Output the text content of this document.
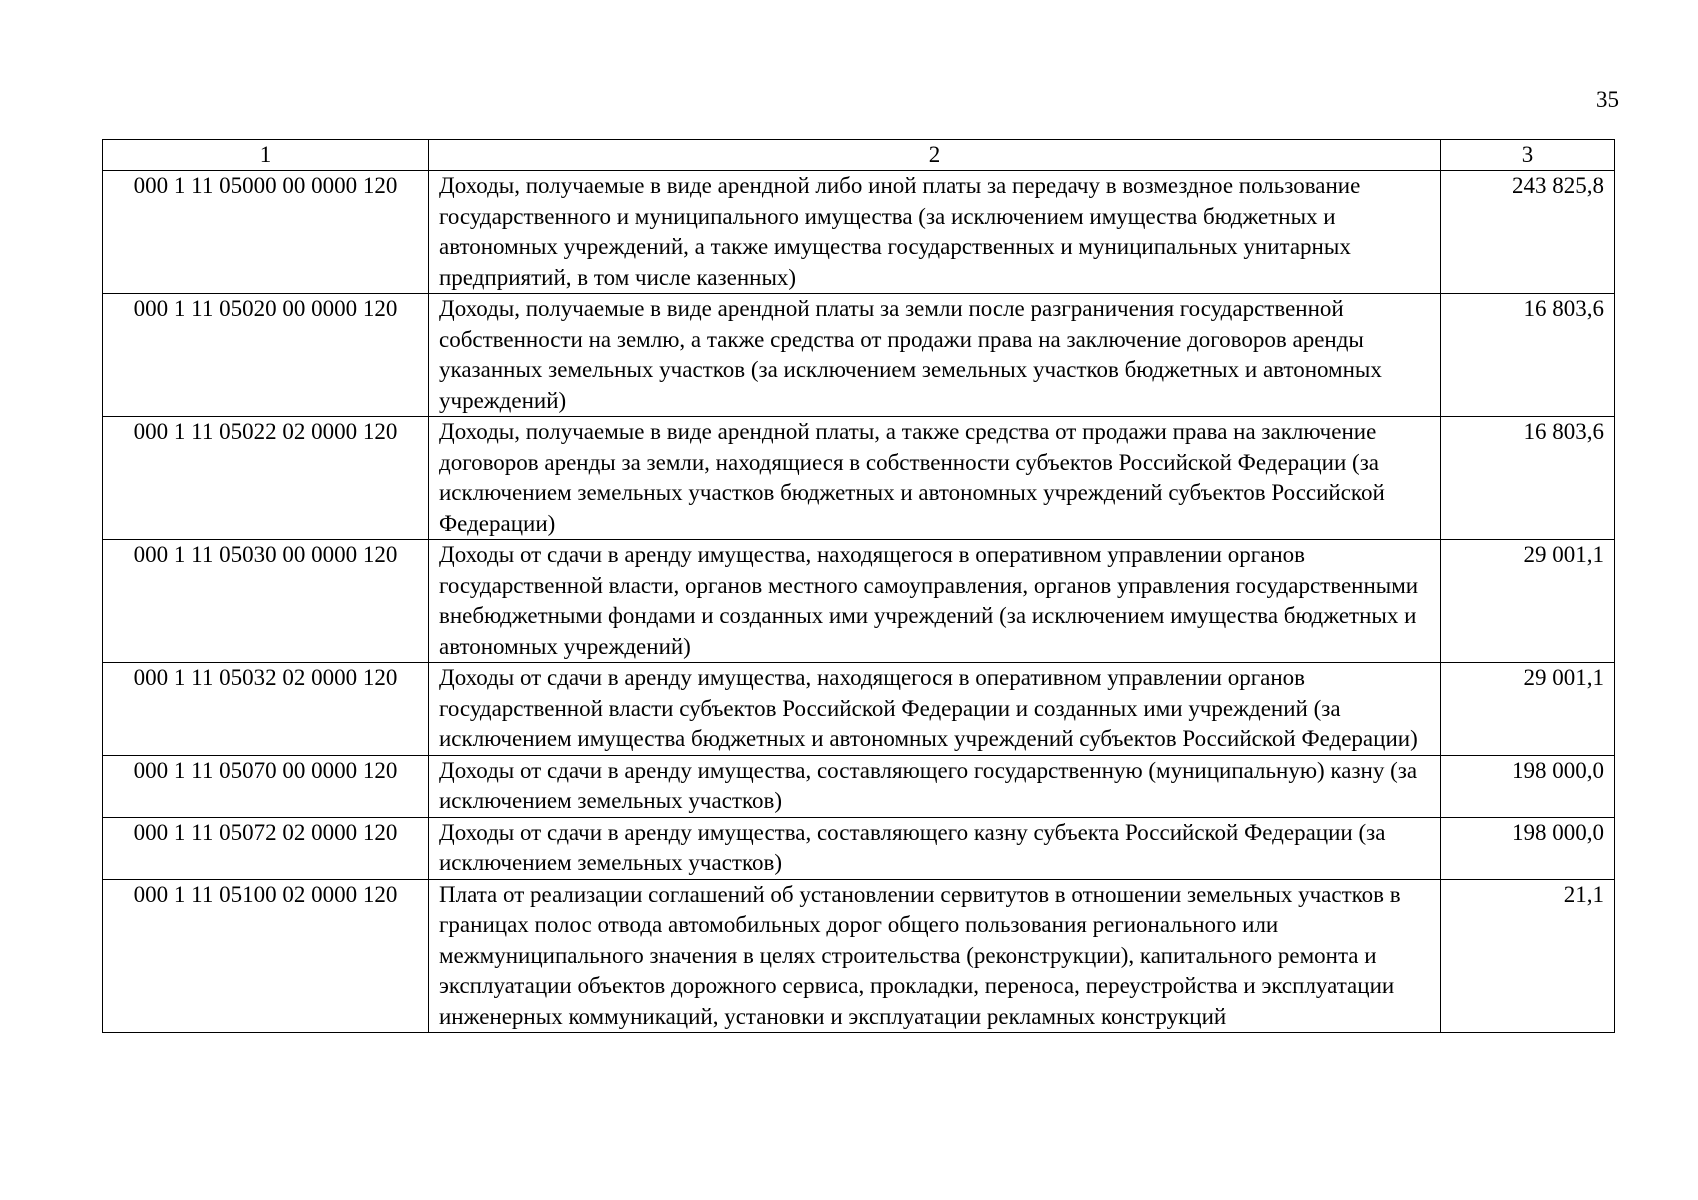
35
1	2	3
000 1 11 05000 00 0000 120	Доходы, получаемые в виде арендной либо иной платы за передачу в возмездное пользование государственного и муниципального имущества (за исключением имущества бюджетных и автономных учреждений, а также имущества государственных и муниципальных унитарных предприятий, в том числе казенных)	243 825,8
000 1 11 05020 00 0000 120	Доходы, получаемые в виде арендной платы за земли после разграничения государственной собственности на землю, а также средства от продажи права на заключение договоров аренды указанных земельных участков (за исключением земельных участков бюджетных и автономных учреждений)	16 803,6
000 1 11 05022 02 0000 120	Доходы, получаемые в виде арендной платы, а также средства от продажи права на заключение договоров аренды за земли, находящиеся в собственности субъектов Российской Федерации (за исключением земельных участков бюджетных и автономных учреждений субъектов Российской Федерации)	16 803,6
000 1 11 05030 00 0000 120	Доходы от сдачи в аренду имущества, находящегося в оперативном управлении органов государственной власти, органов местного самоуправления, органов управления государственными внебюджетными фондами и созданных ими учреждений (за исключением имущества бюджетных и автономных учреждений)	29 001,1
000 1 11 05032 02 0000 120	Доходы от сдачи в аренду имущества, находящегося в оперативном управлении органов государственной власти субъектов Российской Федерации и созданных ими учреждений (за исключением имущества бюджетных и автономных учреждений субъектов Российской Федерации)	29 001,1
000 1 11 05070 00 0000 120	Доходы от сдачи в аренду имущества, составляющего государственную (муниципальную) казну (за исключением земельных участков)	198 000,0
000 1 11 05072 02 0000 120	Доходы от сдачи в аренду имущества, составляющего казну субъекта Российской Федерации (за исключением земельных участков)	198 000,0
000 1 11 05100 02 0000 120	Плата от реализации соглашений об установлении сервитутов в отношении земельных участков в границах полос отвода автомобильных дорог общего пользования регионального или межмуниципального значения в целях строительства (реконструкции), капитального ремонта и эксплуатации объектов дорожного сервиса, прокладки, переноса, переустройства и эксплуатации инженерных коммуникаций, установки и эксплуатации рекламных конструкций	21,1
